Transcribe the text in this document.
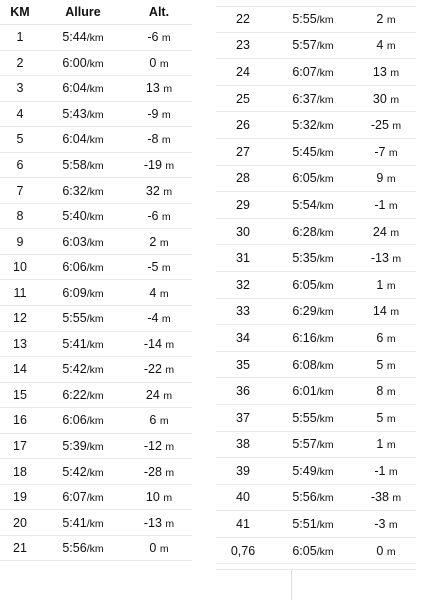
KM	Allure	Alt.
1	5:44/km	-6 m
2	6:00/km	0 m
3	6:04/km	13 m
4	5:43/km	-9 m
5	6:04/km	-8 m
6	5:58/km	-19 m
7	6:32/km	32 m
8	5:40/km	-6 m
9	6:03/km	2 m
10	6:06/km	-5 m
11	6:09/km	4 m
12	5:55/km	-4 m
13	5:41/km	-14 m
14	5:42/km	-22 m
15	6:22/km	24 m
16	6:06/km	6 m
17	5:39/km	-12 m
18	5:42/km	-28 m
19	6:07/km	10 m
20	5:41/km	-13 m
21	5:56/km	0 m
22	5:55/km	2 m
23	5:57/km	4 m
24	6:07/km	13 m
25	6:37/km	30 m
26	5:32/km	-25 m
27	5:45/km	-7 m
28	6:05/km	9 m
29	5:54/km	-1 m
30	6:28/km	24 m
31	5:35/km	-13 m
32	6:05/km	1 m
33	6:29/km	14 m
34	6:16/km	6 m
35	6:08/km	5 m
36	6:01/km	8 m
37	5:55/km	5 m
38	5:57/km	1 m
39	5:49/km	-1 m
40	5:56/km	-38 m
41	5:51/km	-3 m
0,76	6:05/km	0 m
